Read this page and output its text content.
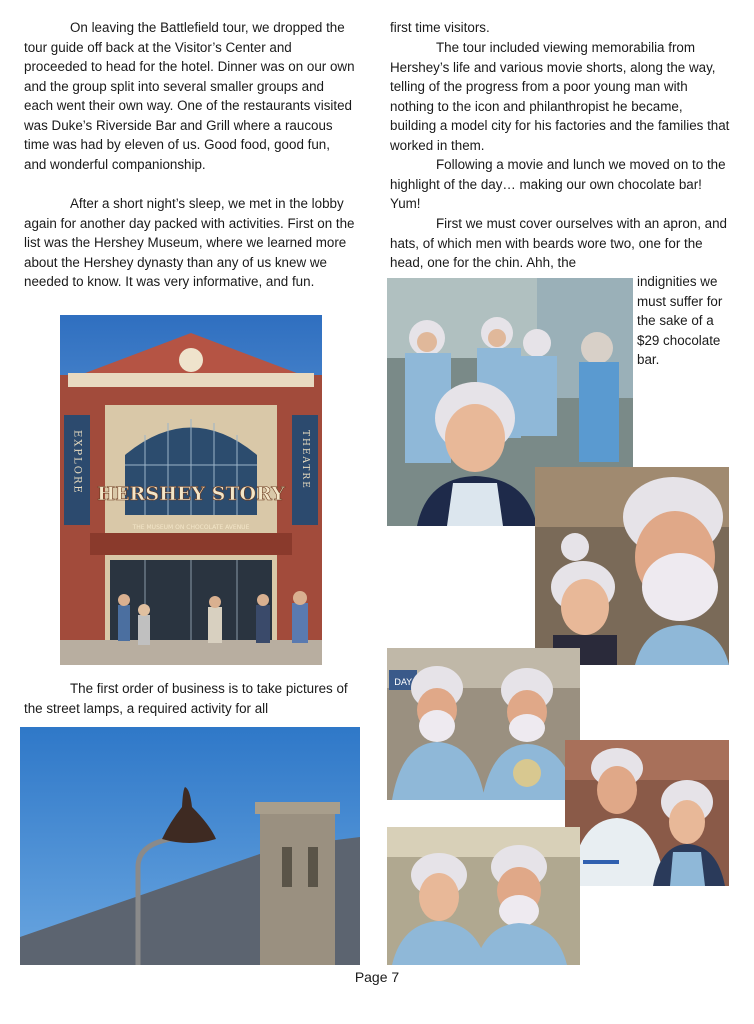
On leaving the Battlefield tour, we dropped the tour guide off back at the Visitor’s Center and proceeded to head for the hotel. Dinner was on our own and the group split into several smaller groups and each went their own way. One of the restaurants visited was Duke’s Riverside Bar and Grill where a raucous time was had by eleven of us. Good food, good fun, and wonderful companionship.

After a short night’s sleep, we met in the lobby again for another day packed with activities. First on the list was the Hershey Museum, where we learned more about the Hershey dynasty than any of us knew we needed to know. It was very informative, and fun.

The first order of business is to take pictures of the street lamps, a required activity for all

first time visitors.

The tour included viewing memorabilia from Hershey’s life and various movie shorts, along the way, telling of the progress from a poor young man with nothing to the icon and philanthropist he became, building a model city for his factories and the families that worked in them.

Following a movie and lunch we moved on to the highlight of the day… making our own chocolate bar! Yum!

First we must cover ourselves with an apron, and hats, of which men with beards wore two, one for the head, one for the chin. Ahh, the

indignities we must suffer for the sake of a $29 chocolate bar.

HERSHEY STORY
THE MUSEUM ON CHOCOLATE AVENUE
EXPLORE	THEATRE
DAY
Page 7
